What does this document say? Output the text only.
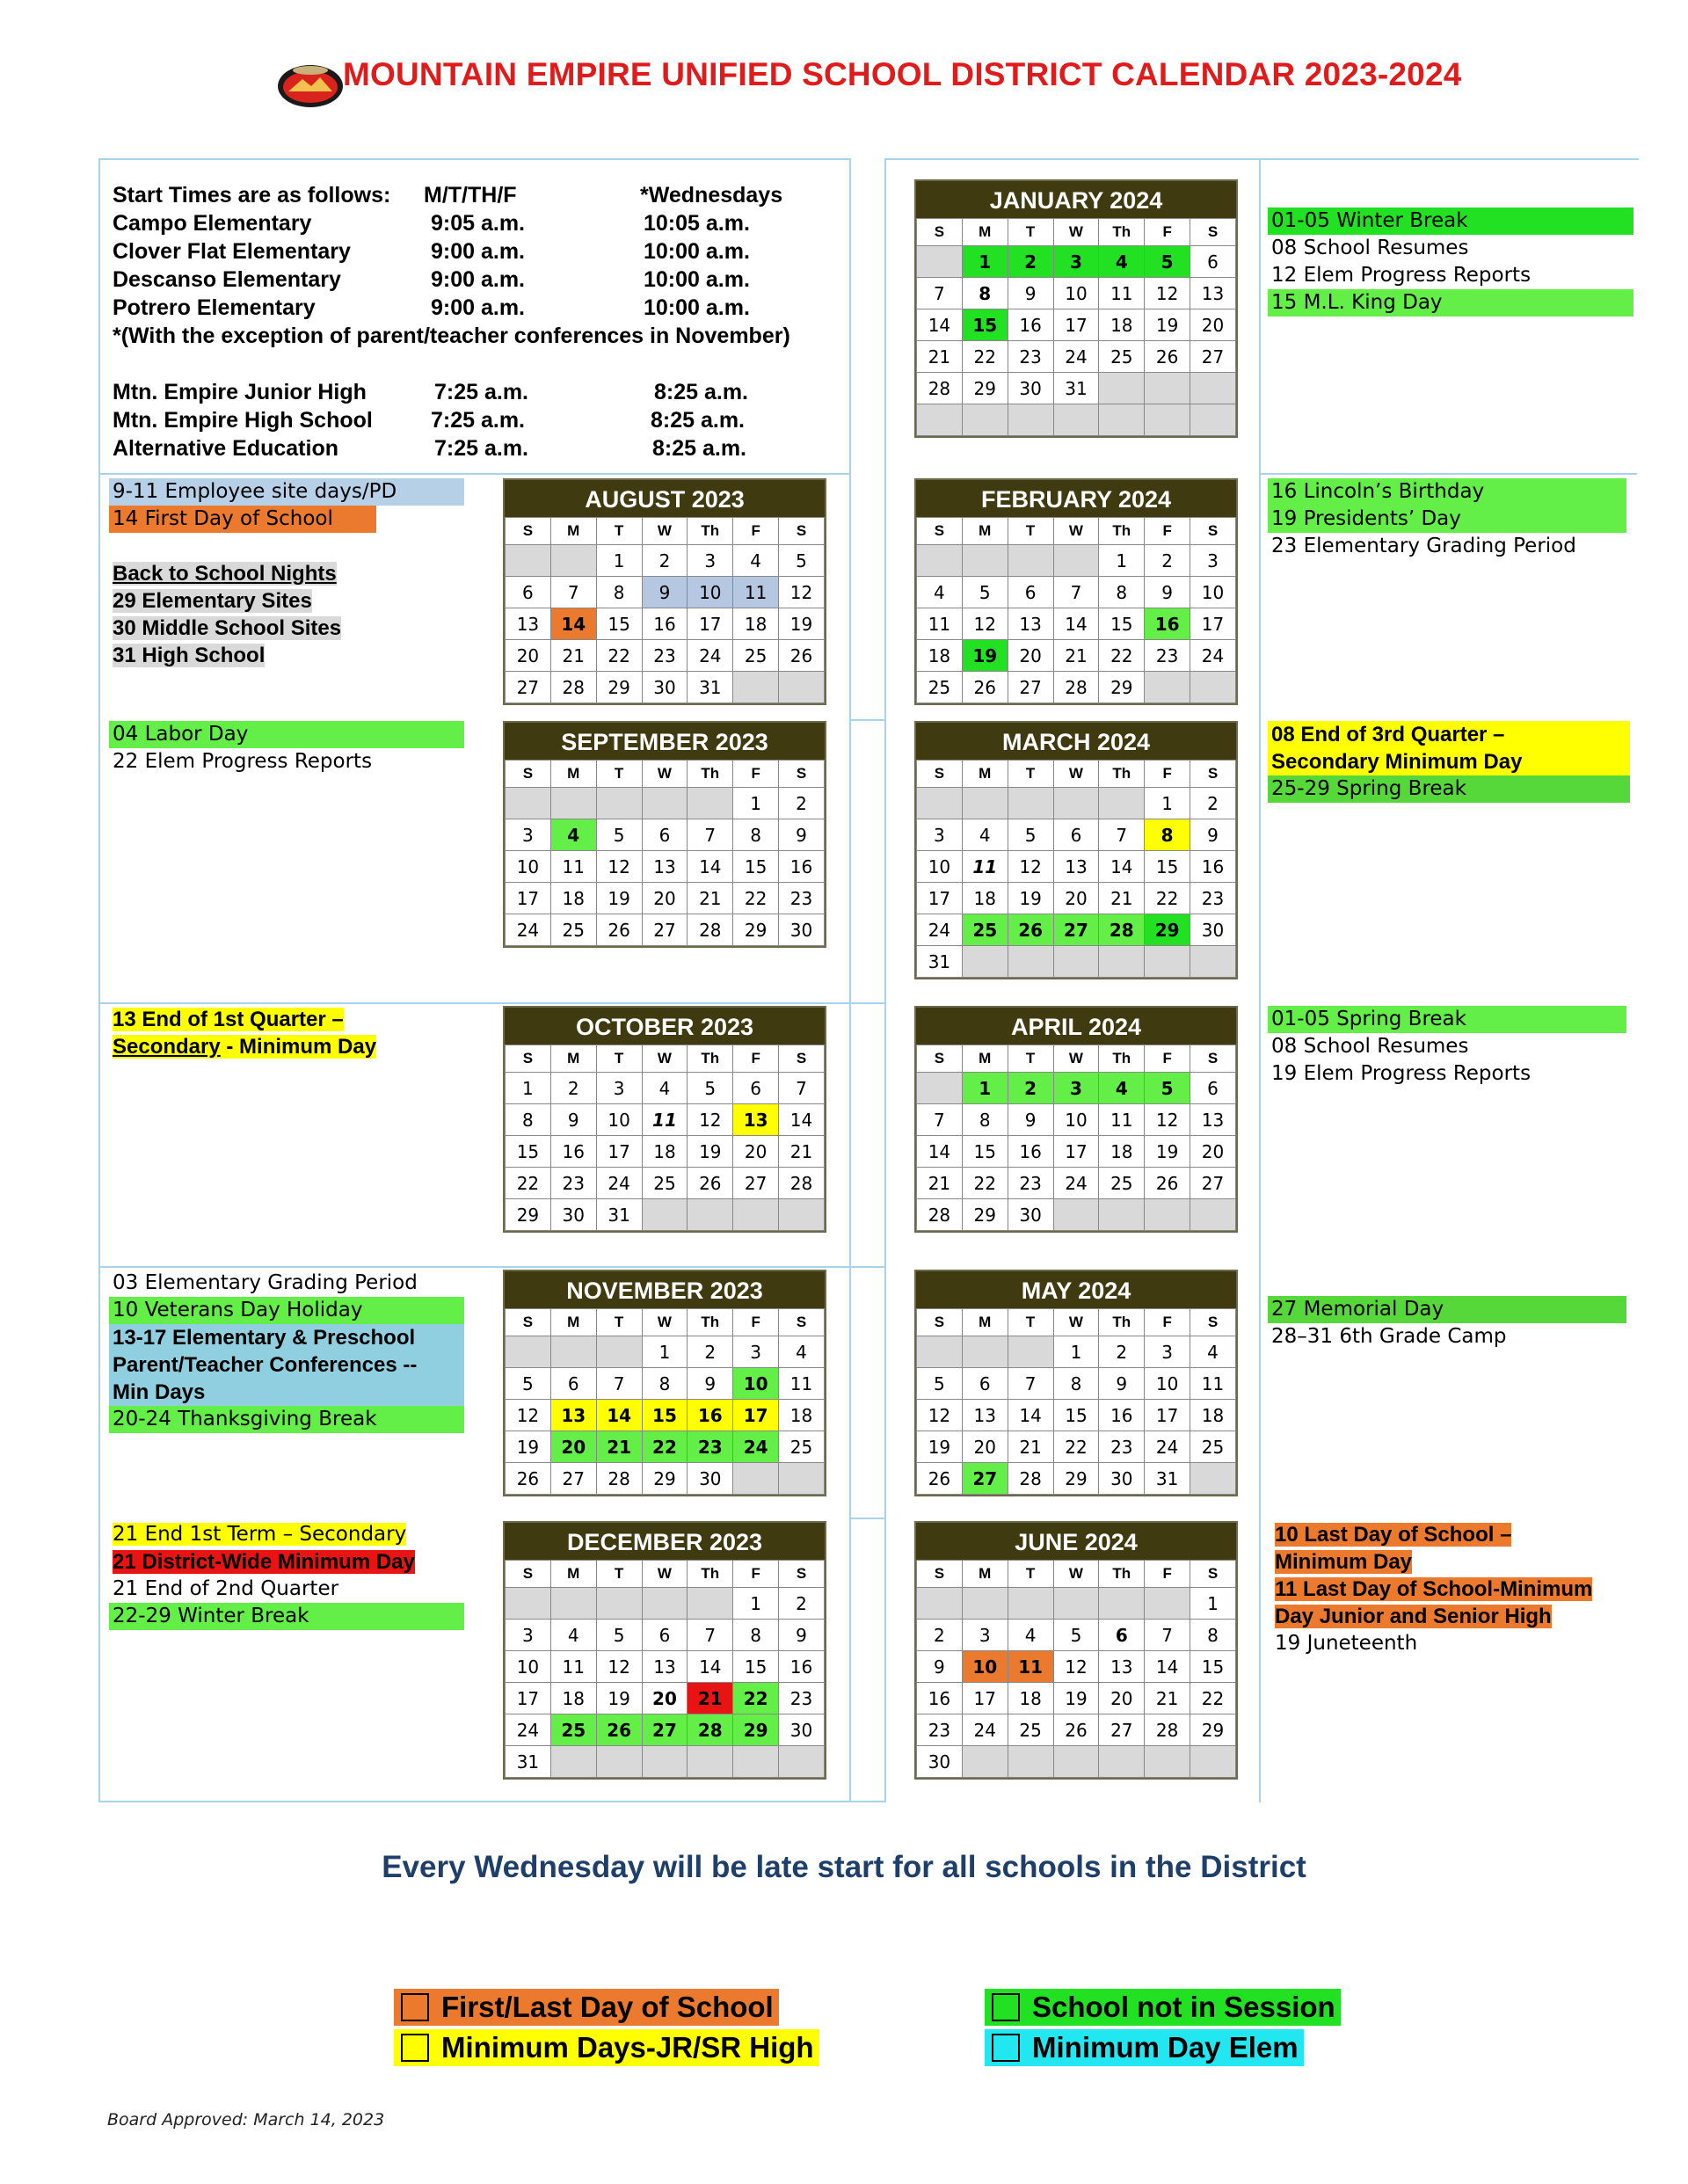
MOUNTAIN EMPIRE UNIFIED SCHOOL DISTRICT CALENDAR 2023-2024
Start Times are as follows: M/T/TH/F	*Wednesdays
Campo Elementary	9:05 a.m.	10:05 a.m.
Clover Flat Elementary	9:00 a.m.	10:00 a.m.
Descanso Elementary	9:00 a.m.	10:00 a.m.
Potrero Elementary	9:00 a.m.	10:00 a.m.
*(With the exception of parent/teacher conferences in November)
Mtn. Empire Junior High	7:25 a.m.	8:25 a.m.
Mtn. Empire High School	7:25 a.m.	8:25 a.m.
Alternative Education	7:25 a.m.	8:25 a.m.
JANUARY 2024
S	M	T	W	Th	F	S
	1	2	3	4	5	6
7	8	9	10	11	12	13
14	15	16	17	18	19	20
21	22	23	24	25	26	27
28	29	30	31			

AUGUST 2023
S	M	T	W	Th	F	S
		1	2	3	4	5
6	7	8	9	10	11	12
13	14	15	16	17	18	19
20	21	22	23	24	25	26
27	28	29	30	31		
FEBRUARY 2024
S	M	T	W	Th	F	S
				1	2	3
4	5	6	7	8	9	10
11	12	13	14	15	16	17
18	19	20	21	22	23	24
25	26	27	28	29		
SEPTEMBER 2023
S	M	T	W	Th	F	S
					1	2
3	4	5	6	7	8	9
10	11	12	13	14	15	16
17	18	19	20	21	22	23
24	25	26	27	28	29	30
MARCH 2024
S	M	T	W	Th	F	S
					1	2
3	4	5	6	7	8	9
10	11	12	13	14	15	16
17	18	19	20	21	22	23
24	25	26	27	28	29	30
31						
OCTOBER 2023
S	M	T	W	Th	F	S
1	2	3	4	5	6	7
8	9	10	11	12	13	14
15	16	17	18	19	20	21
22	23	24	25	26	27	28
29	30	31				
APRIL 2024
S	M	T	W	Th	F	S
	1	2	3	4	5	6
7	8	9	10	11	12	13
14	15	16	17	18	19	20
21	22	23	24	25	26	27
28	29	30				
NOVEMBER 2023
S	M	T	W	Th	F	S
			1	2	3	4
5	6	7	8	9	10	11
12	13	14	15	16	17	18
19	20	21	22	23	24	25
26	27	28	29	30		
MAY 2024
S	M	T	W	Th	F	S
			1	2	3	4
5	6	7	8	9	10	11
12	13	14	15	16	17	18
19	20	21	22	23	24	25
26	27	28	29	30	31	
DECEMBER 2023
S	M	T	W	Th	F	S
					1	2
3	4	5	6	7	8	9
10	11	12	13	14	15	16
17	18	19	20	21	22	23
24	25	26	27	28	29	30
31						
JUNE 2024
S	M	T	W	Th	F	S
						1
2	3	4	5	6	7	8
9	10	11	12	13	14	15
16	17	18	19	20	21	22
23	24	25	26	27	28	29
30						
01-05 Winter Break
08 School Resumes
12 Elem Progress Reports
15 M.L. King Day
9-11 Employee site days/PD
14 First Day of School
Back to School Nights
29 Elementary Sites
30 Middle School Sites
31 High School
16 Lincoln’s Birthday
19 Presidents’ Day
23 Elementary Grading Period
04 Labor Day
22 Elem Progress Reports
08 End of 3rd Quarter –
Secondary Minimum Day
25-29 Spring Break
13 End of 1st Quarter –
Secondary - Minimum Day
01-05 Spring Break
08 School Resumes
19 Elem Progress Reports
03 Elementary Grading Period
10 Veterans Day Holiday
13-17 Elementary & Preschool
Parent/Teacher Conferences --
Min Days
20-24 Thanksgiving Break
27 Memorial Day
28–31 6th Grade Camp
21 End 1st Term – Secondary
21 District-Wide Minimum Day
21 End of 2nd Quarter
22-29 Winter Break
10 Last Day of School –
Minimum Day
11 Last Day of School-Minimum
Day Junior and Senior High
19 Juneteenth
Every Wednesday will be late start for all schools in the District
First/Last Day of School
Minimum Days-JR/SR High
School not in Session
Minimum Day Elem
Board Approved: March 14, 2023
